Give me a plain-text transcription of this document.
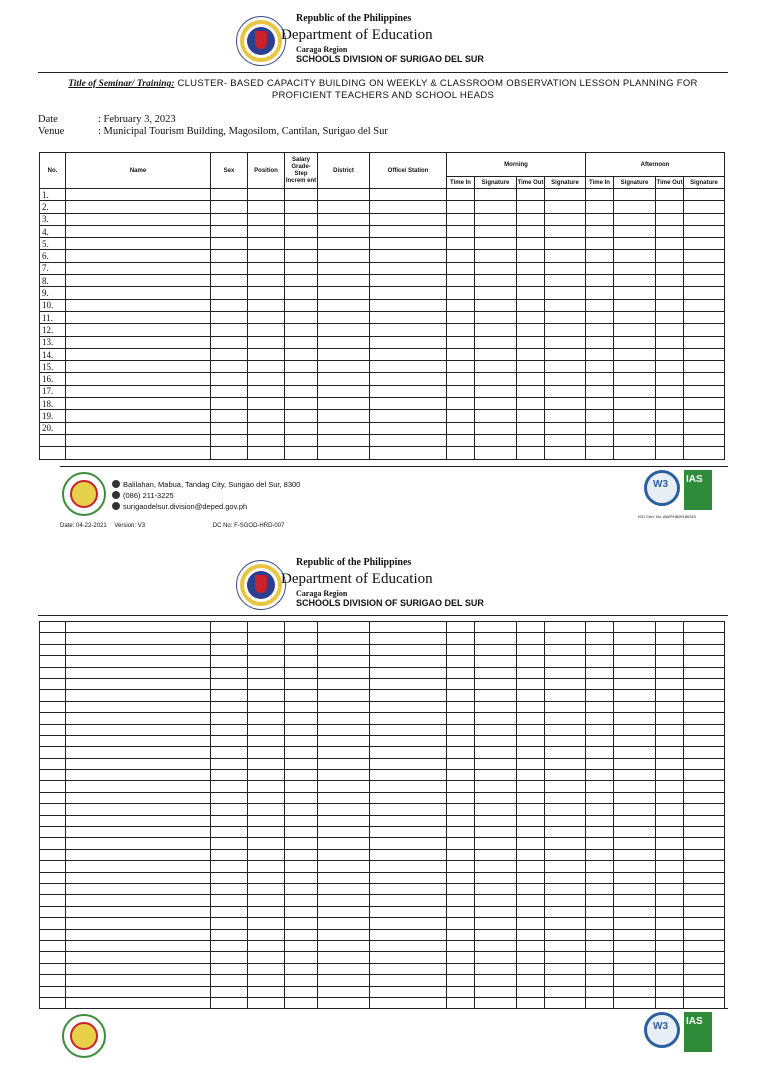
Republic of the Philippines
Department of Education
Caraga Region
SCHOOLS DIVISION OF SURIGAO DEL SUR
Title of Seminar/ Training: CLUSTER- BASED CAPACITY BUILDING ON WEEKLY & CLASSROOM OBSERVATION LESSON PLANNING FOR
PROFICIENT TEACHERS AND SCHOOL HEADS
Date	: February 3, 2023
Venue	: Municipal Tourism Building, Magosilom, Cantilan, Surigao del Sur
No.	Name	Sex	Position	Salary Grade-Step Increm ent	District	Office/ Station	Morning				Afternoon			
							Time In	Signature	Time Out	Signature	Time In	Signature	Time Out	Signature
1.														
2.														
3.														
4.														
5.														
6.														
7.														
8.														
9.														
10.														
11.														
12.														
13.														
14.														
15.														
16.														
17.														
18.														
19.														
20.														

Balilahan, Mabua, Tandag City, Surigao del Sur, 8300
(086) 211-3225
surigaodelsur.division@deped.gov.ph
W3 IAS
ISO Cert. No. AW/PH809180310
Date: 04-22-2021 Version: V3	DC No: F-SGOD-HRD-007
Republic of the Philippines
Department of Education
Caraga Region
SCHOOLS DIVISION OF SURIGAO DEL SUR

W3 IAS
